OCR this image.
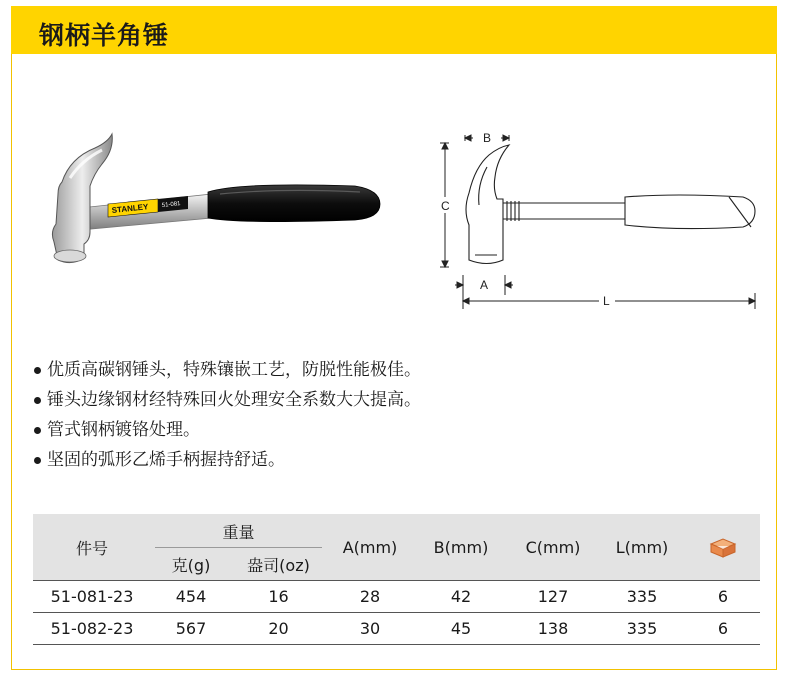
钢柄羊角锤
STANLEY 51-081
B
C
A
L
优质高碳钢锤头，特殊镶嵌工艺，防脱性能极佳。
锤头边缘钢材经特殊回火处理安全系数大大提高。
管式钢柄镀铬处理。
坚固的弧形乙烯手柄握持舒适。
件号	重量		A(mm)	B(mm)	C(mm)	L(mm)	
	克(g)	盎司(oz)					
51-081-23	454	16	28	42	127	335	6
51-082-23	567	20	30	45	138	335	6
